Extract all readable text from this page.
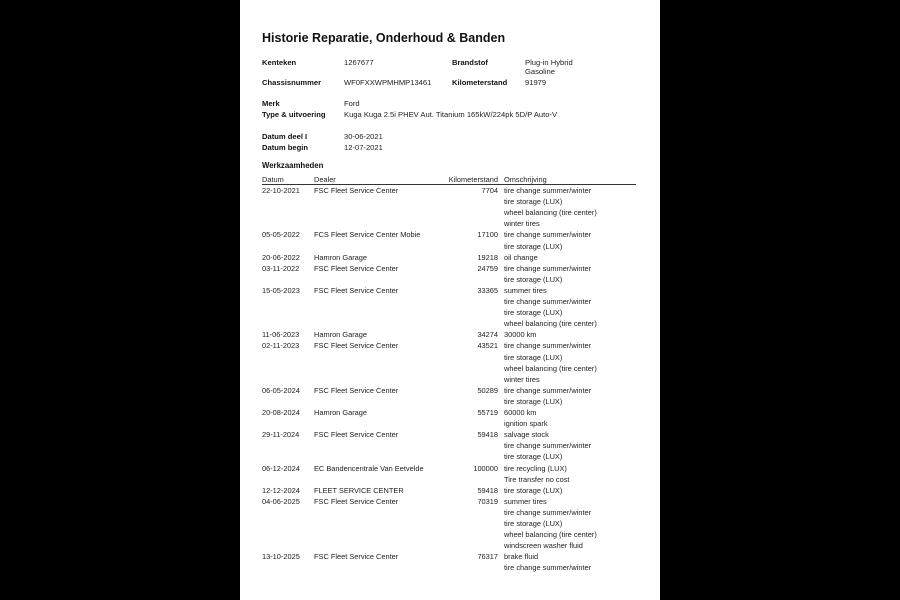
Historie Reparatie, Onderhoud & Banden
Kenteken	1267677	Brandstof	Plug-in Hybrid
Gasoline
Chassisnummer	WF0FXXWPMHMP13461	Kilometerstand 91979
Merk	Ford
Type & uitvoering Kuga Kuga 2.5i PHEV Aut. Titanium 165kW/224pk 5D/P Auto-V
Datum deel I	30-06-2021
Datum begin	12-07-2021
Werkzaamheden
Datum	Dealer	Kilometerstand Omschrijving
22-10-2021 FSC Fleet Service Center	7704 tire change summer/winter
tire storage (LUX)
wheel balancing (tire center)
winter tires
05-05-2022 FCS Fleet Service Center Mobie	17100 tire change summer/winter
tire storage (LUX)
20-06-2022 Hamron Garage	19218 oil change
03-11-2022 FSC Fleet Service Center	24759 tire change summer/winter
tire storage (LUX)
15-05-2023 FSC Fleet Service Center	33365 summer tires
tire change summer/winter
tire storage (LUX)
wheel balancing (tire center)
11-06-2023 Hamron Garage	34274 30000 km
02-11-2023 FSC Fleet Service Center	43521 tire change summer/winter
tire storage (LUX)
wheel balancing (tire center)
winter tires
06-05-2024 FSC Fleet Service Center	50289 tire change summer/winter
tire storage (LUX)
20-08-2024 Hamron Garage	55719 60000 km
ignition spark
29-11-2024 FSC Fleet Service Center	59418 salvage stock
tire change summer/winter
tire storage (LUX)
06-12-2024 EC Bandencentrale Van Eetvelde	100000 tire recycling (LUX)
Tire transfer no cost
12-12-2024 FLEET SERVICE CENTER	59418 tire storage (LUX)
04-06-2025 FSC Fleet Service Center	70319 summer tires
tire change summer/winter
tire storage (LUX)
wheel balancing (tire center)
windscreen washer fluid
13-10-2025 FSC Fleet Service Center	76317 brake fluid
tire change summer/winter
